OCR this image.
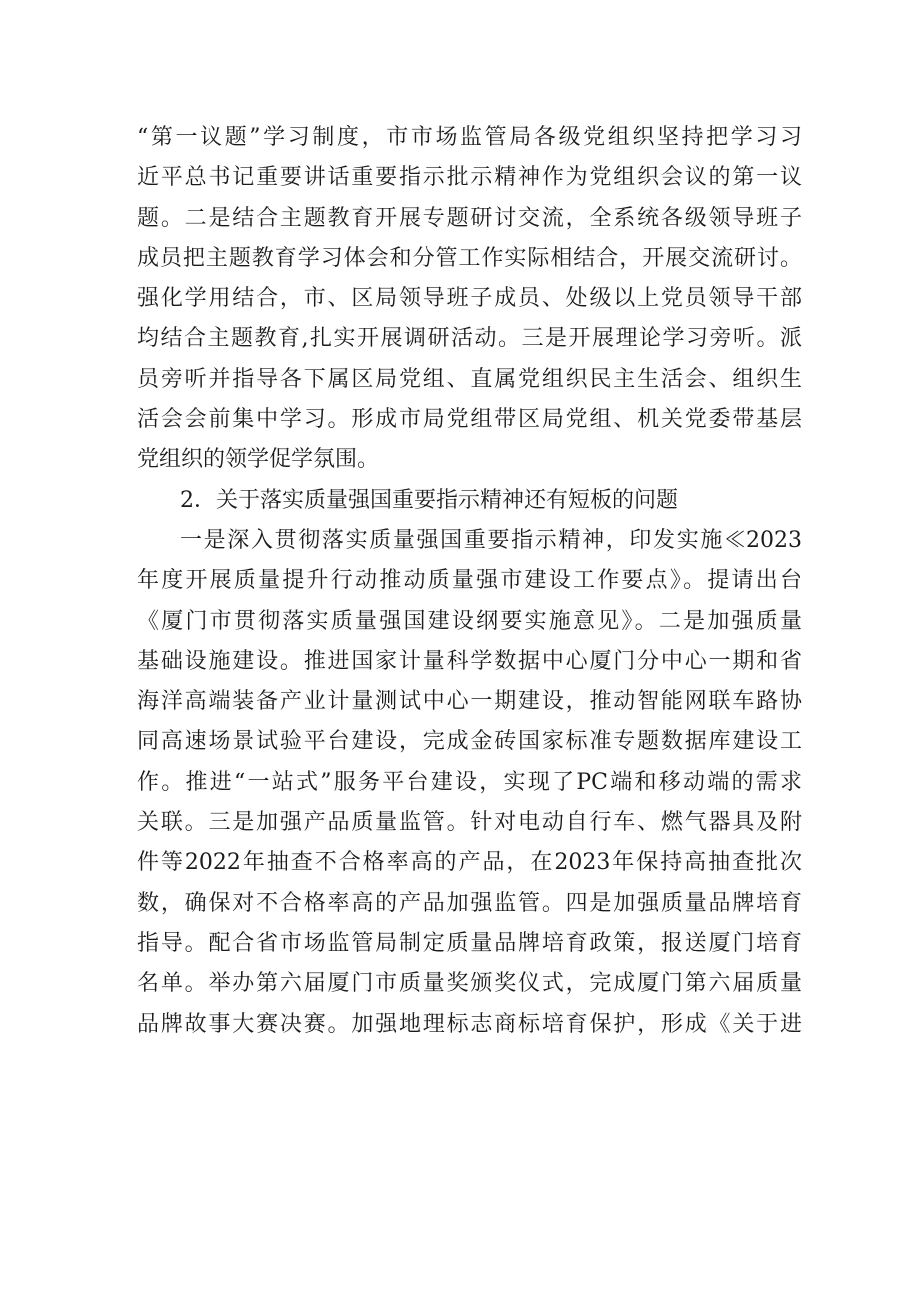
“第一议题”学习制度，市市场监管局各级党组织坚持把学习习
近平总书记重要讲话重要指示批示精神作为党组织会议的第一议
题。二是结合主题教育开展专题研讨交流，全系统各级领导班子
成员把主题教育学习体会和分管工作实际相结合，开展交流研讨。
强化学用结合，市、区局领导班子成员、处级以上党员领导干部
均结合主题教育,扎实开展调研活动。三是开展理论学习旁听。派
员旁听并指导各下属区局党组、直属党组织民主生活会、组织生
活会会前集中学习。形成市局党组带区局党组、机关党委带基层
党组织的领学促学氛围。
2．关于落实质量强国重要指示精神还有短板的问题
一是深入贯彻落实质量强国重要指示精神，印发实施≪2023
年度开展质量提升行动推动质量强市建设工作要点》。提请出台
《厦门市贯彻落实质量强国建设纲要实施意见》。二是加强质量
基础设施建设。推进国家计量科学数据中心厦门分中心一期和省
海洋高端装备产业计量测试中心一期建设，推动智能网联车路协
同高速场景试验平台建设，完成金砖国家标准专题数据库建设工
作。推进“一站式”服务平台建设，实现了PC端和移动端的需求
关联。三是加强产品质量监管。针对电动自行车、燃气器具及附
件等2022年抽查不合格率高的产品，在2023年保持高抽查批次
数，确保对不合格率高的产品加强监管。四是加强质量品牌培育
指导。配合省市场监管局制定质量品牌培育政策，报送厦门培育
名单。举办第六届厦门市质量奖颁奖仪式，完成厦门第六届质量
品牌故事大赛决赛。加强地理标志商标培育保护，形成《关于进
